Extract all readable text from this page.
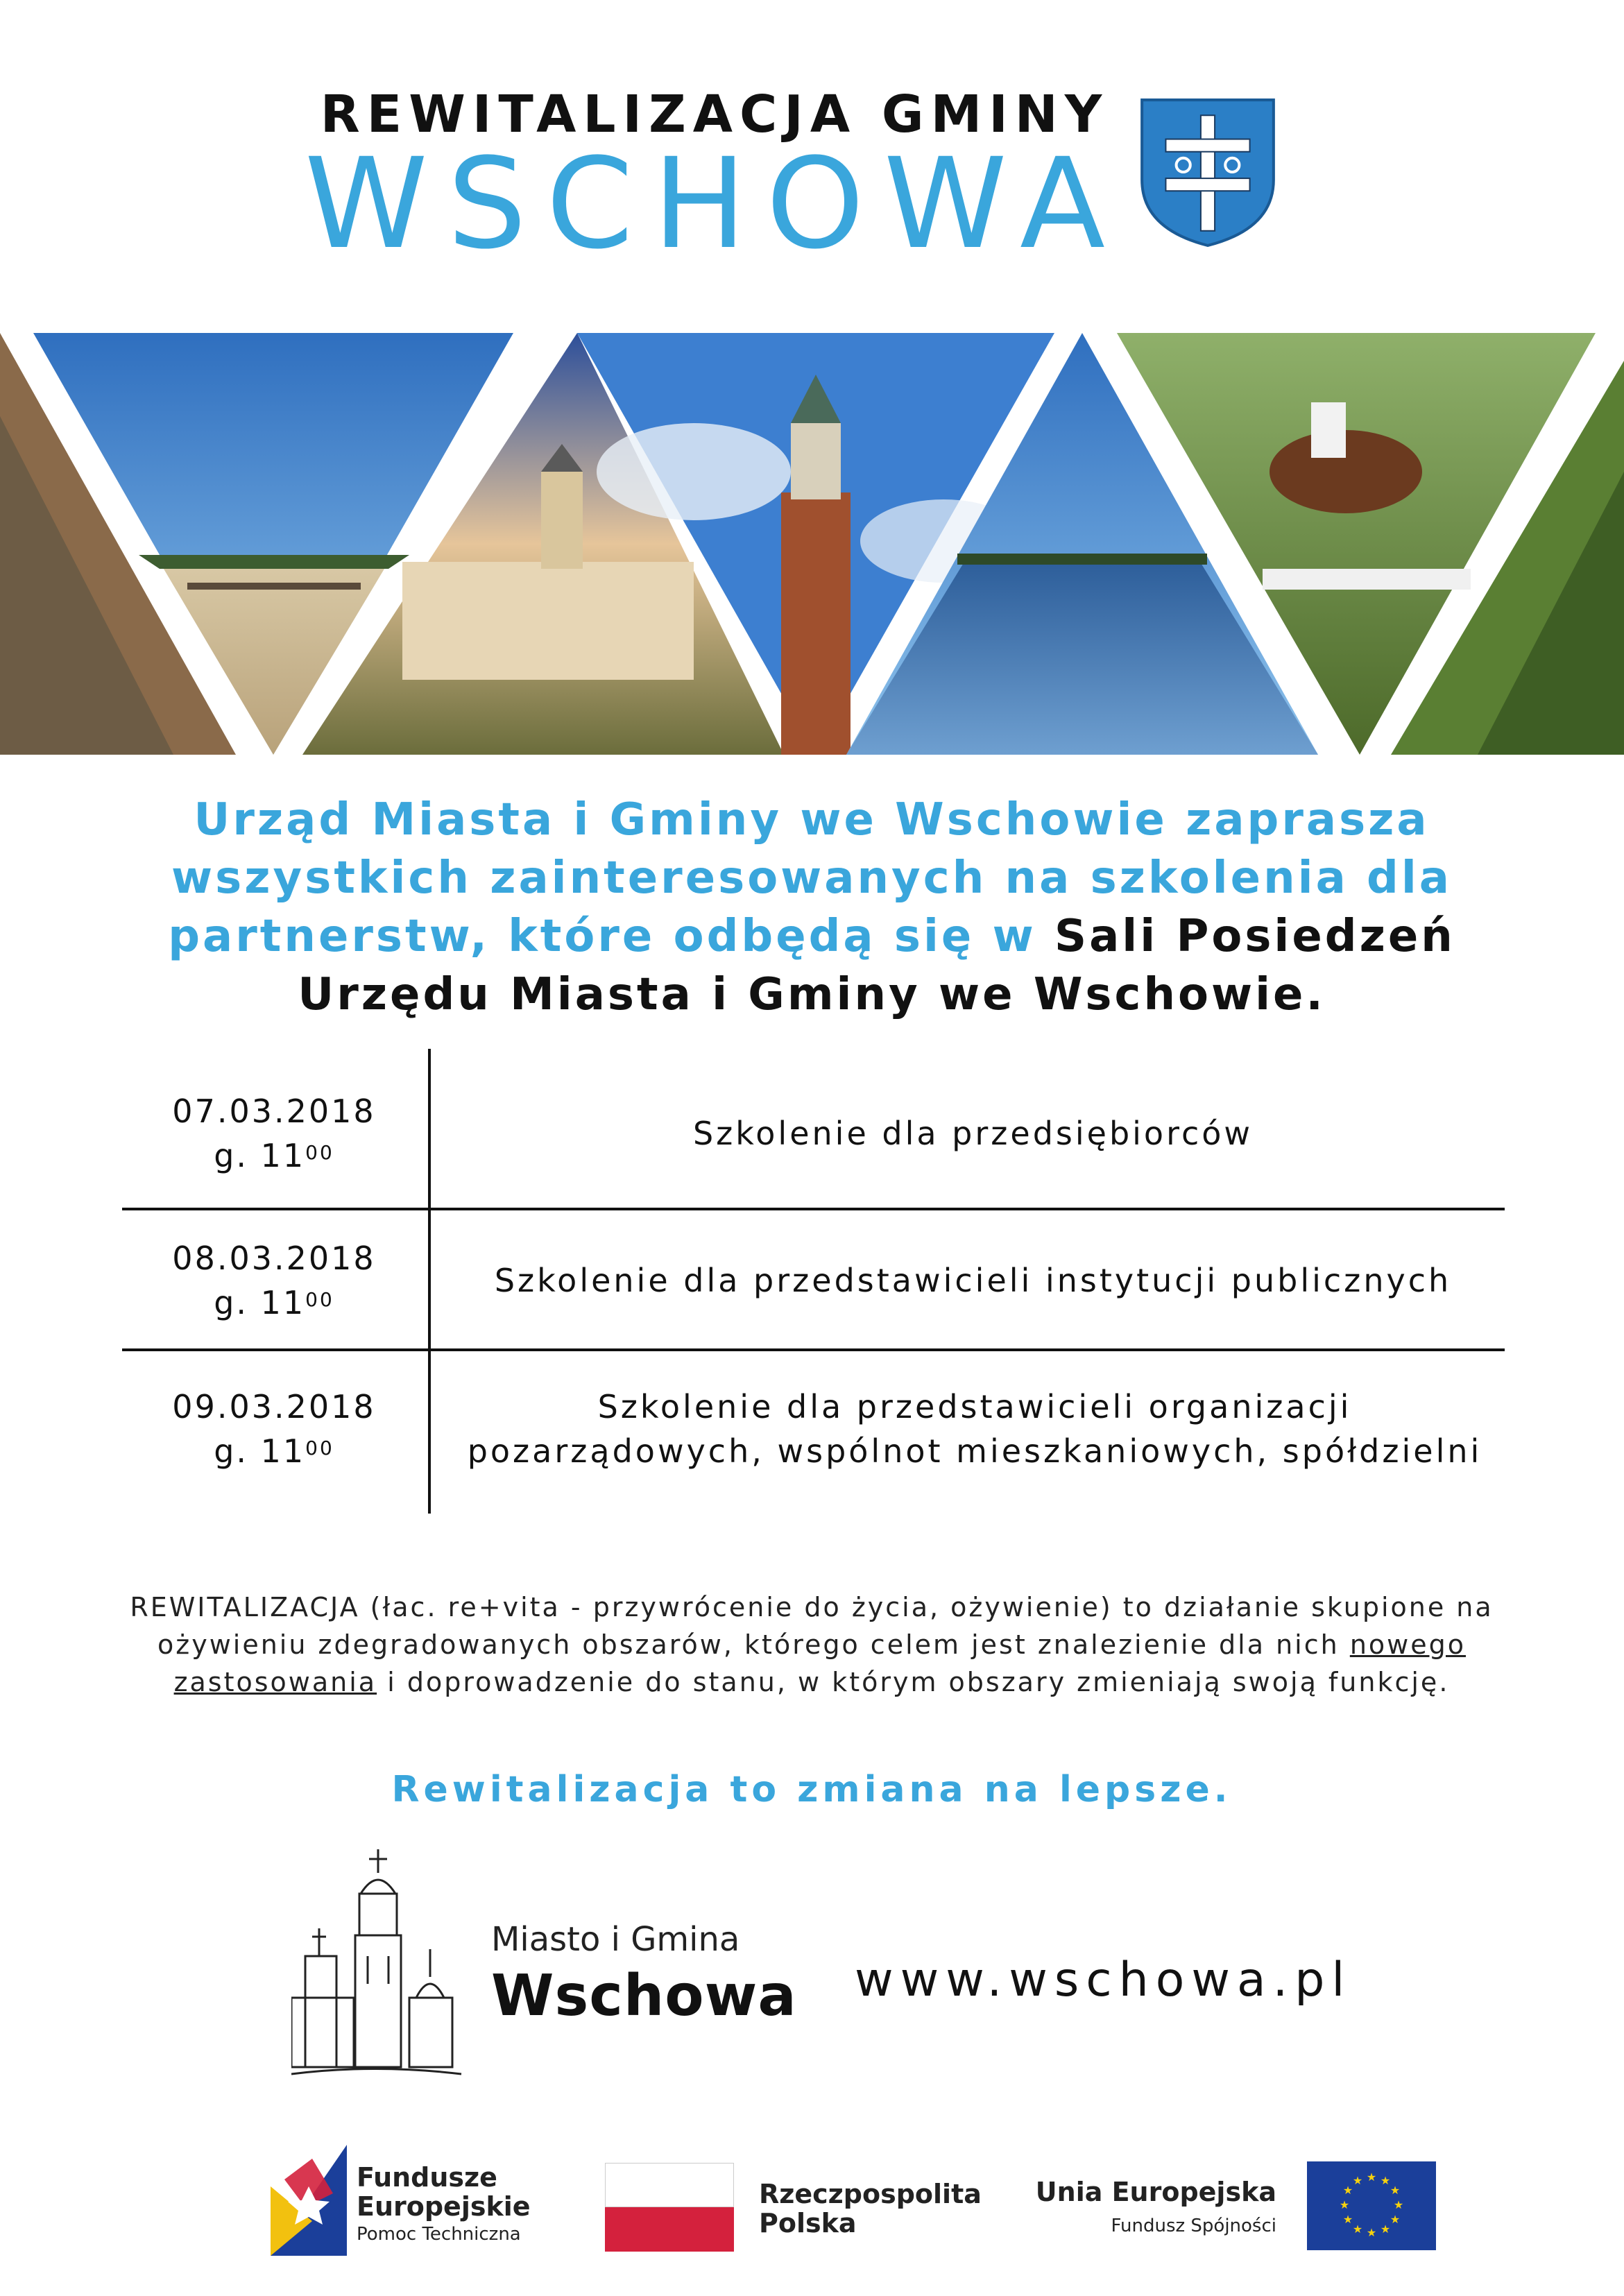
REWITALIZACJA GMINY
WSCHOWA
Urząd Miasta i Gminy we Wschowie zaprasza wszystkich zainteresowanych na szkolenia dla partnerstw, które odbędą się w Sali Posiedzeń Urzędu Miasta i Gminy we Wschowie.
07.03.2018
g. $11^{00}$
Szkolenie dla przedsiębiorców
08.03.2018
g. $11^{00}$
Szkolenie dla przedstawicieli instytucji publicznych
09.03.2018
g. $11^{00}$
Szkolenie dla przedstawicieli organizacji pozarządowych, wspólnot mieszkaniowych, spółdzielni
REWITALIZACJA (łac. re+vita - przywrócenie do życia, ożywienie) to działanie skupione na ożywieniu zdegradowanych obszarów, którego celem jest znalezienie dla nich nowego zastosowania i doprowadzenie do stanu, w którym obszary zmieniają swoją funkcję.
Rewitalizacja to zmiana na lepsze.
Miasto i Gmina
Wschowa www.wschowa.pl
Fundusze Europejskie
Pomoc Techniczna
Rzeczpospolita Polska
Unia Europejska
Fundusz Spójności
★ ★
★
★
★
★
★
★
★
★
★
★
